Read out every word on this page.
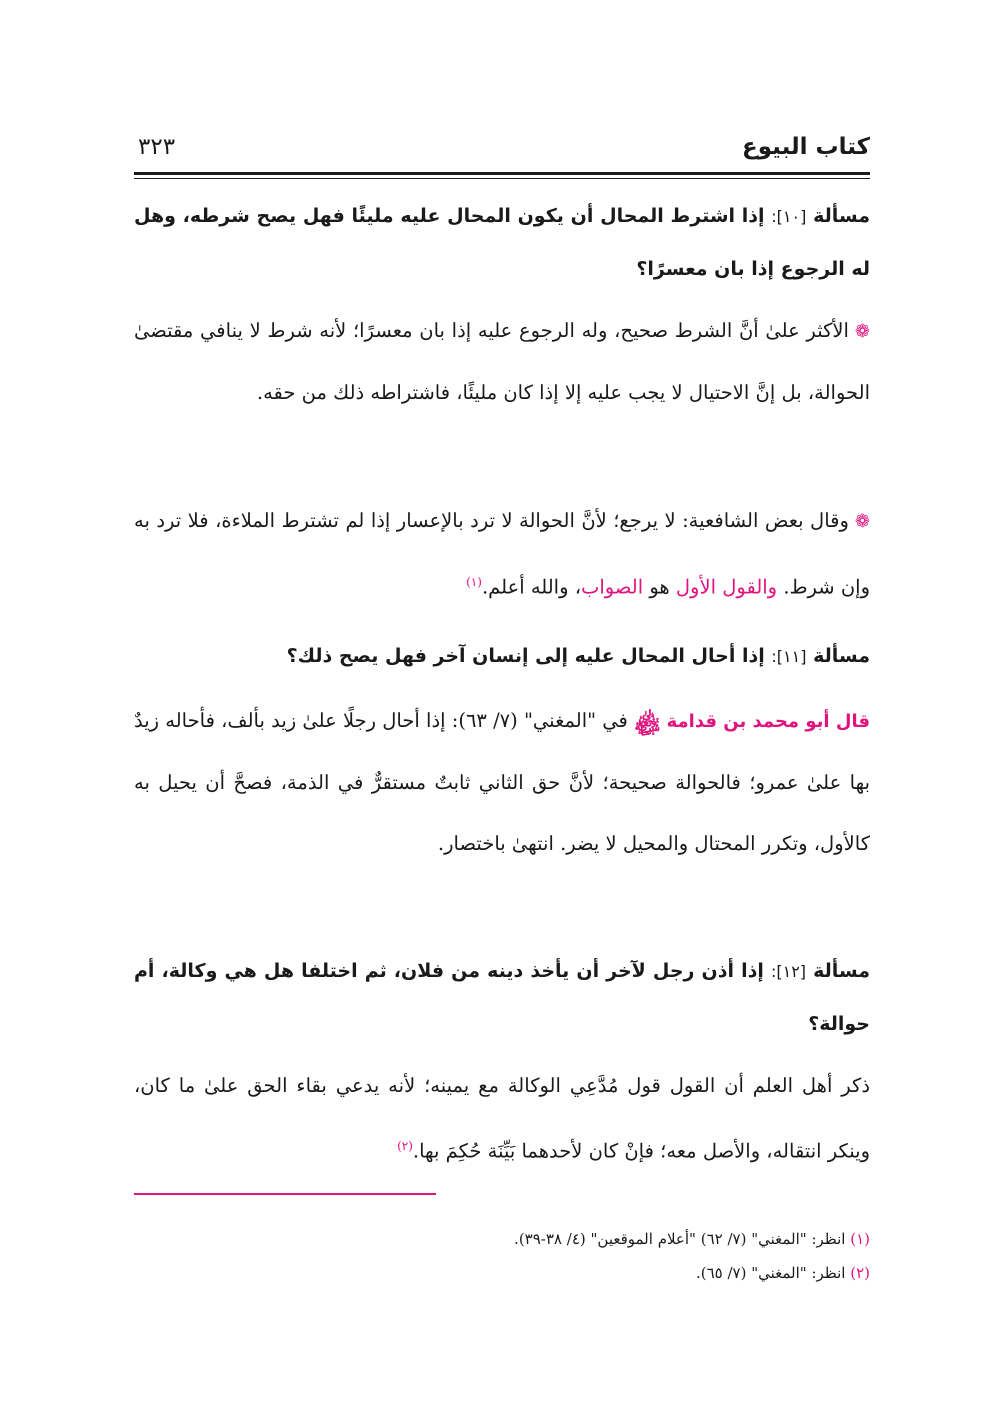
كتاب البيوع
٣٢٣
مسألة [١٠]: إذا اشترط المحال أن يكون المحال عليه مليئًا فهل يصح شرطه، وهل له الرجوع إذا بان معسرًا؟
❁الأكثر علىٰ أنَّ الشرط صحيح، وله الرجوع عليه إذا بان معسرًا؛ لأنه شرط لا ينافي مقتضىٰ الحوالة، بل إنَّ الاحتيال لا يجب عليه إلا إذا كان مليئًا، فاشتراطه ذلك من حقه.
❁وقال بعض الشافعية: لا يرجع؛ لأنَّ الحوالة لا ترد بالإعسار إذا لم تشترط الملاءة، فلا ترد به وإن شرط. والقول الأول هو الصواب، والله أعلم.$^{(١)}$
مسألة [١١]: إذا أحال المحال عليه إلى إنسان آخر فهل يصح ذلك؟
قال أبو محمد بن قدامة ﷾ في "المغني" (٧/ ٦٣): إذا أحال رجلًا علىٰ زيد بألف، فأحاله زيدٌ بها علىٰ عمرو؛ فالحوالة صحيحة؛ لأنَّ حق الثاني ثابتٌ مستقرٌّ في الذمة، فصحَّ أن يحيل به كالأول، وتكرر المحتال والمحيل لا يضر. انتهىٰ باختصار.
مسألة [١٢]: إذا أذن رجل لآخر أن يأخذ دينه من فلان، ثم اختلفا هل هي وكالة، أم حوالة؟
ذكر أهل العلم أن القول قول مُدَّعِي الوكالة مع يمينه؛ لأنه يدعي بقاء الحق علىٰ ما كان، وينكر انتقاله، والأصل معه؛ فإنْ كان لأحدهما بَيِّنَة حُكِمَ بها.$^{(٢)}$
(١) انظر: "المغني" (٧/ ٦٢) "أعلام الموقعين" (٤/ ٣٨-٣٩).
(٢) انظر: "المغني" (٧/ ٦٥).
